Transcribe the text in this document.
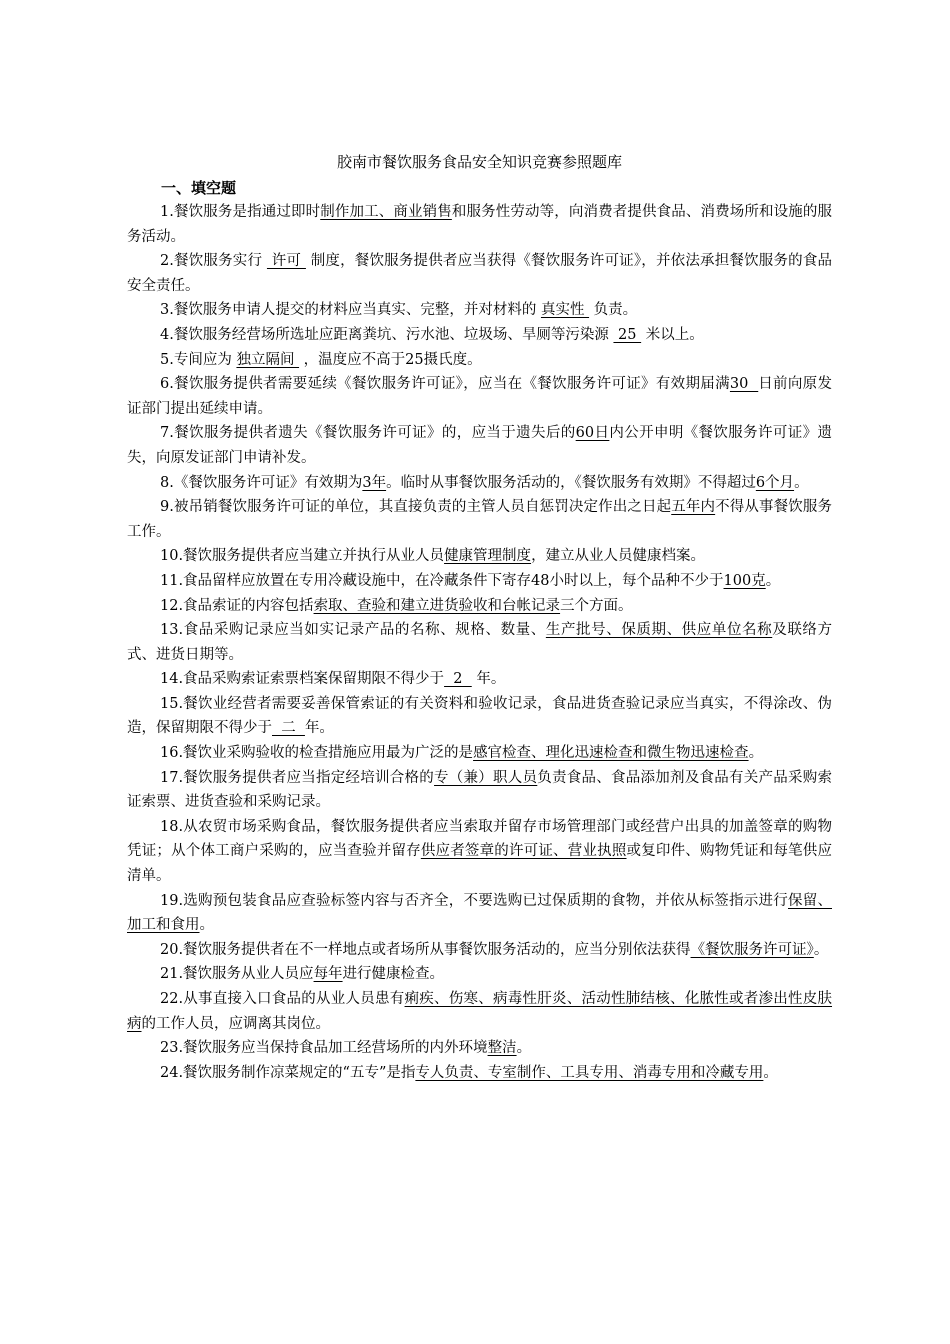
胶南市餐饮服务食品安全知识竞赛参照题库
一、填空题

1.餐饮服务是指通过即时制作加工、商业销售和服务性劳动等，向消费者提供食品、消费场所和设施的服务活动。

2.餐饮服务实行  许可  制度，餐饮服务提供者应当获得《餐饮服务许可证》，并依法承担餐饮服务的食品安全责任。

3.餐饮服务申请人提交的材料应当真实、完整，并对材料的 真实性  负责。

4.餐饮服务经营场所选址应距离粪坑、污水池、垃圾场、旱厕等污染源  25  米以上。

5.专间应为 独立隔间  ，温度应不高于25摄氏度。

6.餐饮服务提供者需要延续《餐饮服务许可证》，应当在《餐饮服务许可证》有效期届满30  日前向原发证部门提出延续申请。

7.餐饮服务提供者遗失《餐饮服务许可证》的，应当于遗失后的60日内公开申明《餐饮服务许可证》遗失，向原发证部门申请补发。

8.《餐饮服务许可证》有效期为3年。临时从事餐饮服务活动的，《餐饮服务有效期》不得超过6个月。

9.被吊销餐饮服务许可证的单位，其直接负责的主管人员自惩罚决定作出之日起五年内不得从事餐饮服务工作。

10.餐饮服务提供者应当建立并执行从业人员健康管理制度，建立从业人员健康档案。

11.食品留样应放置在专用冷藏设施中，在冷藏条件下寄存48小时以上，每个品种不少于100克。

12.食品索证的内容包括索取、查验和建立进货验收和台帐记录三个方面。

13.食品采购记录应当如实记录产品的名称、规格、数量、生产批号、保质期、供应单位名称及联络方式、进货日期等。

14.食品采购索证索票档案保留期限不得少于  2   年。

15.餐饮业经营者需要妥善保管索证的有关资料和验收记录，食品进货查验记录应当真实，不得涂改、伪造，保留期限不得少于  二  年。

16.餐饮业采购验收的检查措施应用最为广泛的是感官检查、理化迅速检查和微生物迅速检查。

17.餐饮服务提供者应当指定经培训合格的专（兼）职人员负责食品、食品添加剂及食品有关产品采购索证索票、进货查验和采购记录。

18.从农贸市场采购食品，餐饮服务提供者应当索取并留存市场管理部门或经营户出具的加盖签章的购物凭证；从个体工商户采购的，应当查验并留存供应者签章的许可证、营业执照或复印件、购物凭证和每笔供应清单。

19.选购预包装食品应查验标签内容与否齐全，不要选购已过保质期的食物，并依从标签指示进行保留、加工和食用。

20.餐饮服务提供者在不一样地点或者场所从事餐饮服务活动的，应当分别依法获得《餐饮服务许可证》。

21.餐饮服务从业人员应每年进行健康检查。

22.从事直接入口食品的从业人员患有痢疾、伤寒、病毒性肝炎、活动性肺结核、化脓性或者渗出性皮肤病的工作人员，应调离其岗位。

23.餐饮服务应当保持食品加工经营场所的内外环境整洁。

24.餐饮服务制作凉菜规定的“五专”是指专人负责、专室制作、工具专用、消毒专用和冷藏专用。
